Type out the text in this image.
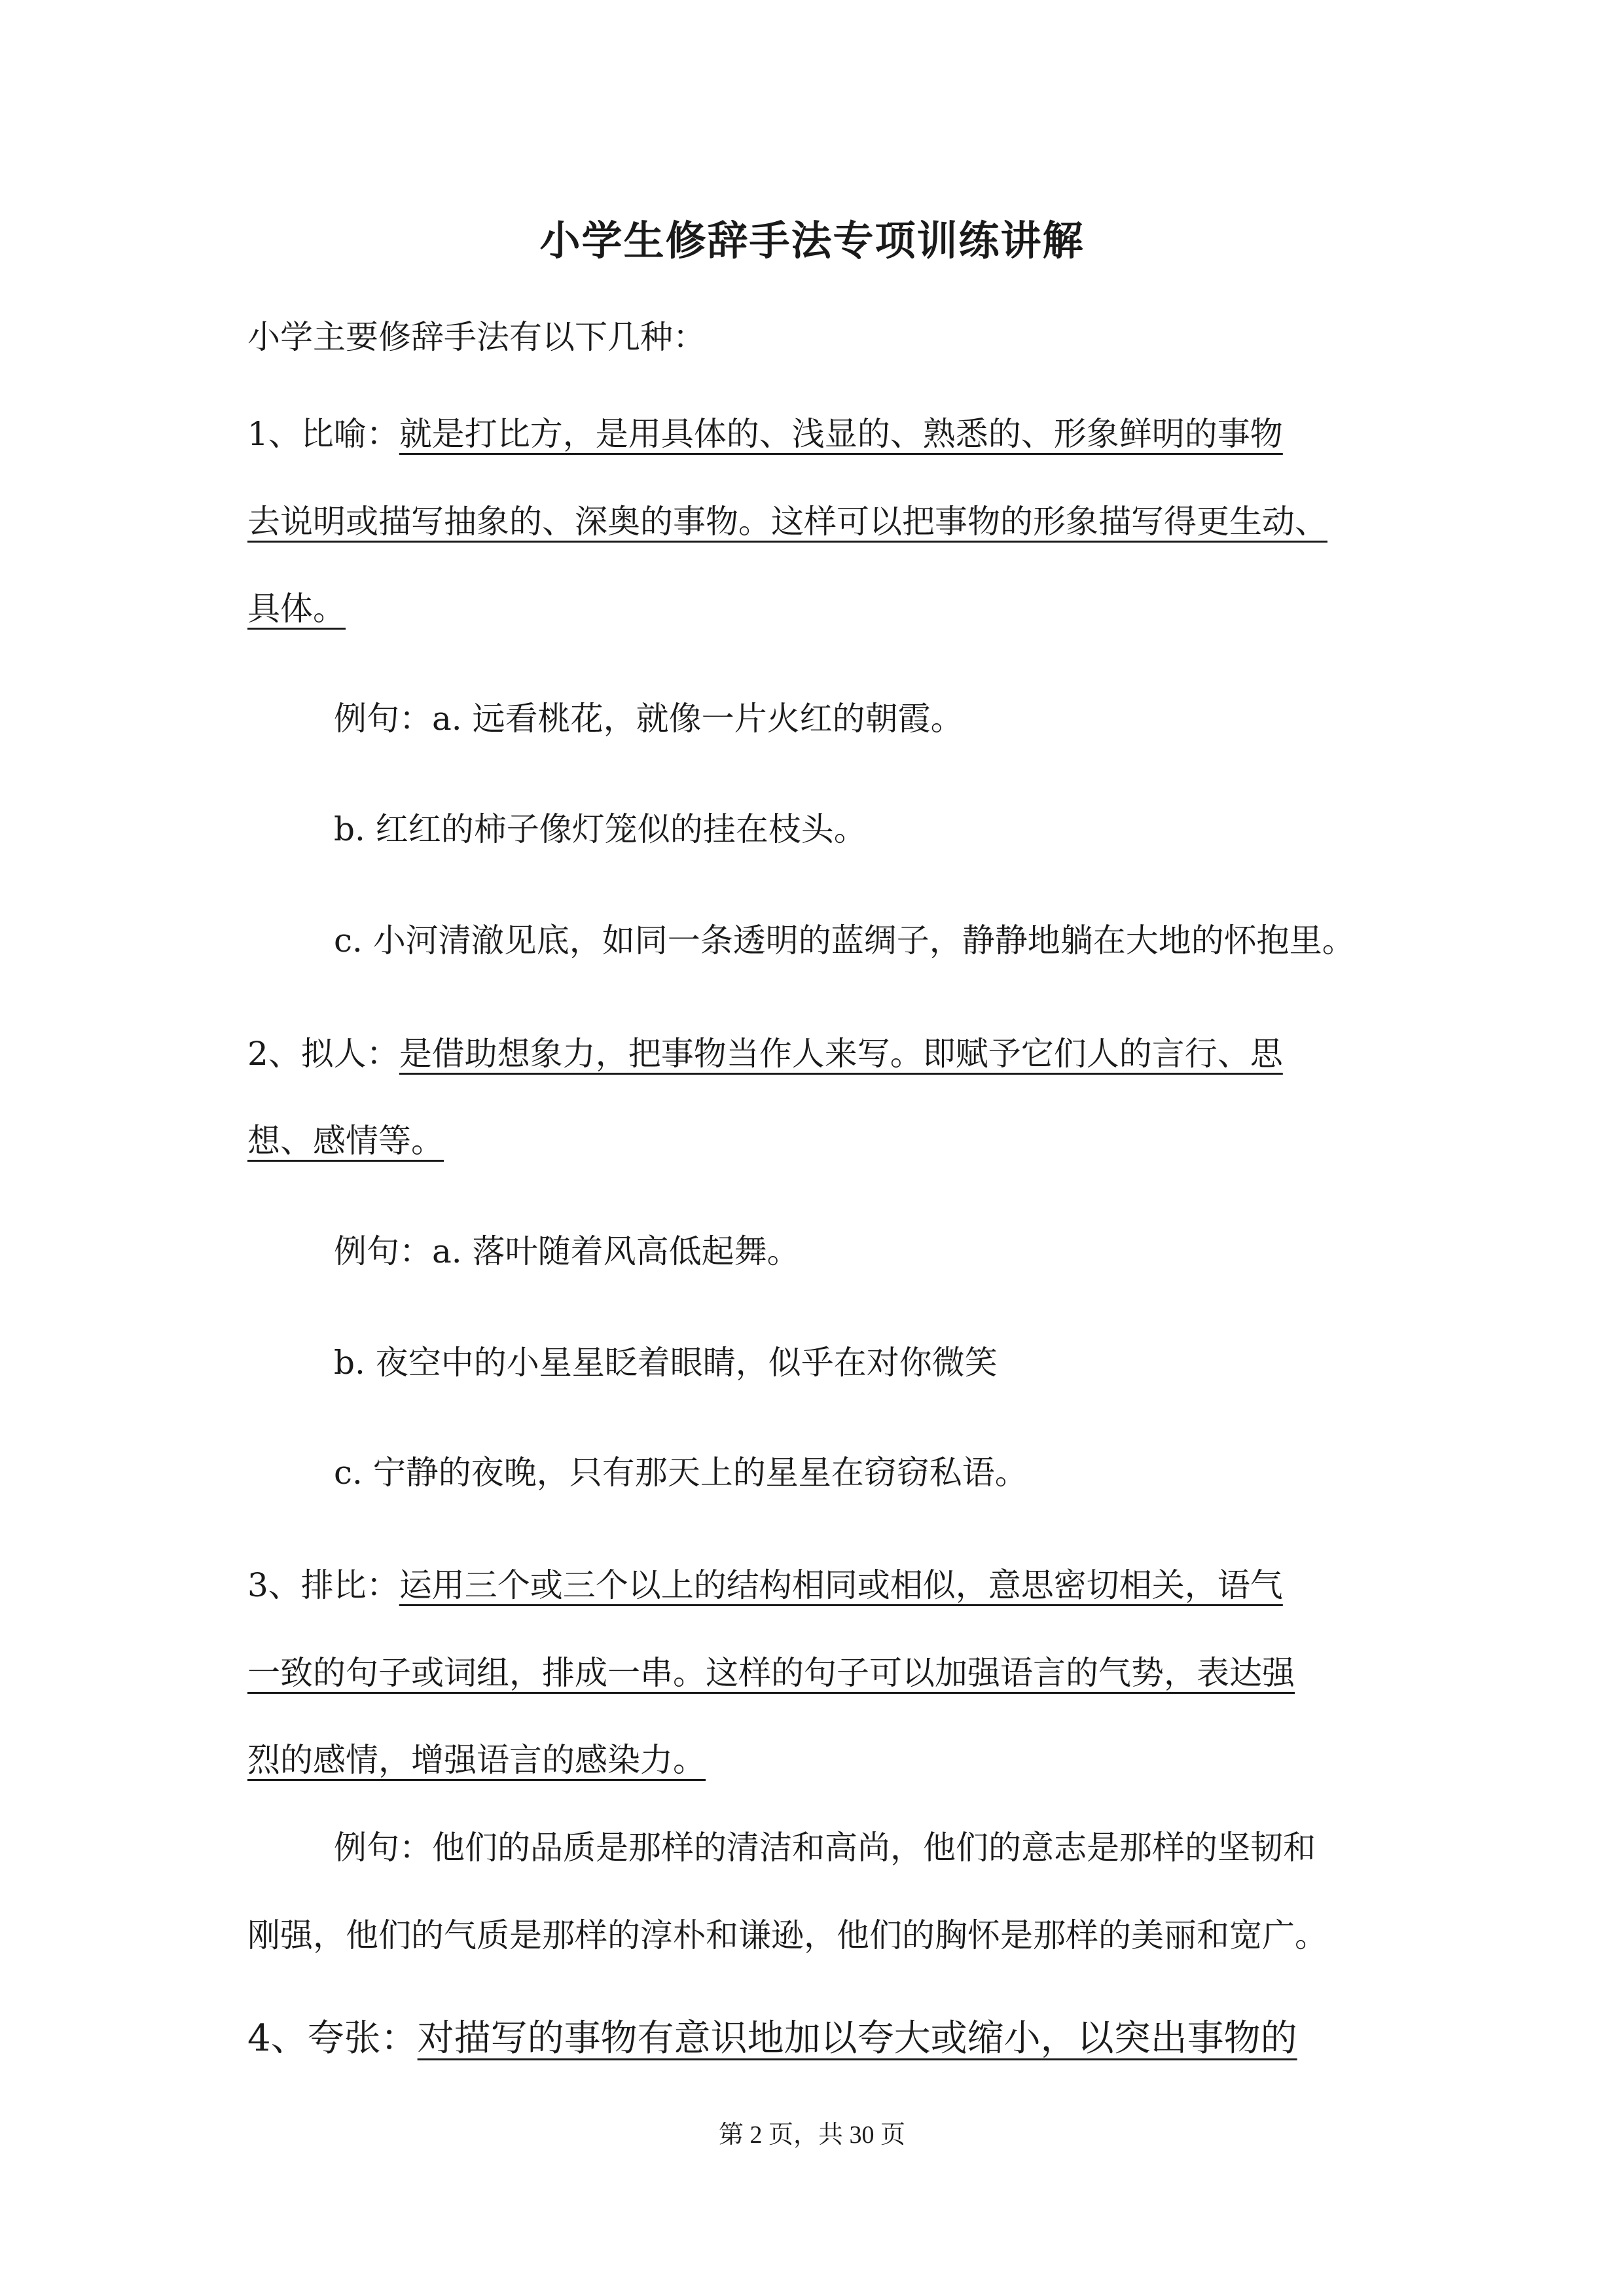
小学生修辞手法专项训练讲解
小学主要修辞手法有以下几种：
1、比喻：就是打比方，是用具体的、浅显的、熟悉的、形象鲜明的事物
去说明或描写抽象的、深奥的事物。这样可以把事物的形象描写得更生动、
具体。
例句：a. 远看桃花，就像一片火红的朝霞。
b. 红红的柿子像灯笼似的挂在枝头。
c. 小河清澈见底，如同一条透明的蓝绸子，静静地躺在大地的怀抱里。
2、拟人：是借助想象力，把事物当作人来写。即赋予它们人的言行、思
想、感情等。
例句：a. 落叶随着风高低起舞。
b. 夜空中的小星星眨着眼睛，似乎在对你微笑
c. 宁静的夜晚，只有那天上的星星在窃窃私语。
3、排比：运用三个或三个以上的结构相同或相似，意思密切相关，语气
一致的句子或词组，排成一串。这样的句子可以加强语言的气势，表达强
烈的感情，增强语言的感染力。
例句：他们的品质是那样的清洁和高尚，他们的意志是那样的坚韧和
刚强，他们的气质是那样的淳朴和谦逊，他们的胸怀是那样的美丽和宽广。
4、夸张：对描写的事物有意识地加以夸大或缩小，以突出事物的
第 2 页，共 30 页
